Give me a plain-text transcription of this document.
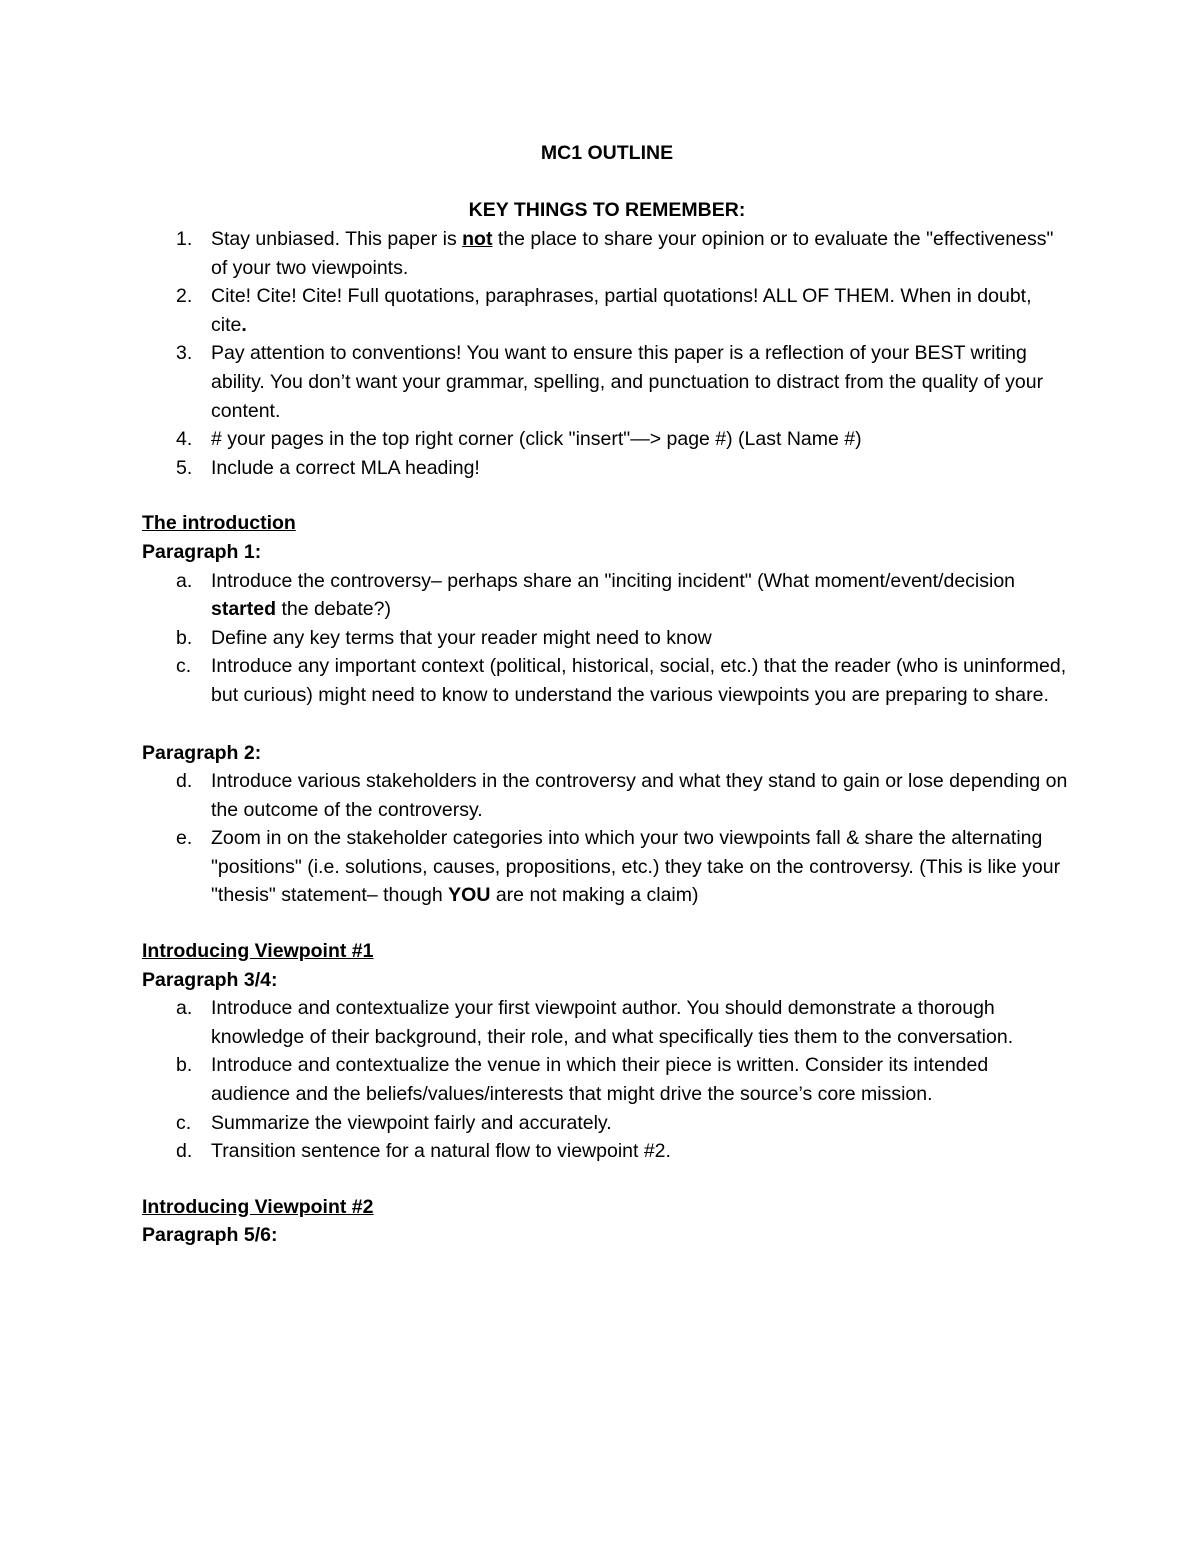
MC1 OUTLINE

KEY THINGS TO REMEMBER:

1. Stay unbiased. This paper is not the place to share your opinion or to evaluate the "effectiveness" of your two viewpoints.
2. Cite! Cite! Cite! Full quotations, paraphrases, partial quotations! ALL OF THEM. When in doubt, cite.
3. Pay attention to conventions! You want to ensure this paper is a reflection of your BEST writing ability. You don’t want your grammar, spelling, and punctuation to distract from the quality of your content.
4. # your pages in the top right corner (click "insert"—> page #) (Last Name #)
5. Include a correct MLA heading!

The introduction

Paragraph 1:

a. Introduce the controversy– perhaps share an "inciting incident" (What moment/event/decision started the debate?)
b. Define any key terms that your reader might need to know
c. Introduce any important context (political, historical, social, etc.) that the reader (who is uninformed, but curious) might need to know to understand the various viewpoints you are preparing to share.

Paragraph 2:

d. Introduce various stakeholders in the controversy and what they stand to gain or lose depending on the outcome of the controversy.
e. Zoom in on the stakeholder categories into which your two viewpoints fall & share the alternating "positions" (i.e. solutions, causes, propositions, etc.) they take on the controversy. (This is like your "thesis" statement– though YOU are not making a claim)

Introducing Viewpoint #1

Paragraph 3/4:

a. Introduce and contextualize your first viewpoint author. You should demonstrate a thorough knowledge of their background, their role, and what specifically ties them to the conversation.
b. Introduce and contextualize the venue in which their piece is written. Consider its intended audience and the beliefs/values/interests that might drive the source’s core mission.
c. Summarize the viewpoint fairly and accurately.
d. Transition sentence for a natural flow to viewpoint #2.

Introducing Viewpoint #2

Paragraph 5/6:
